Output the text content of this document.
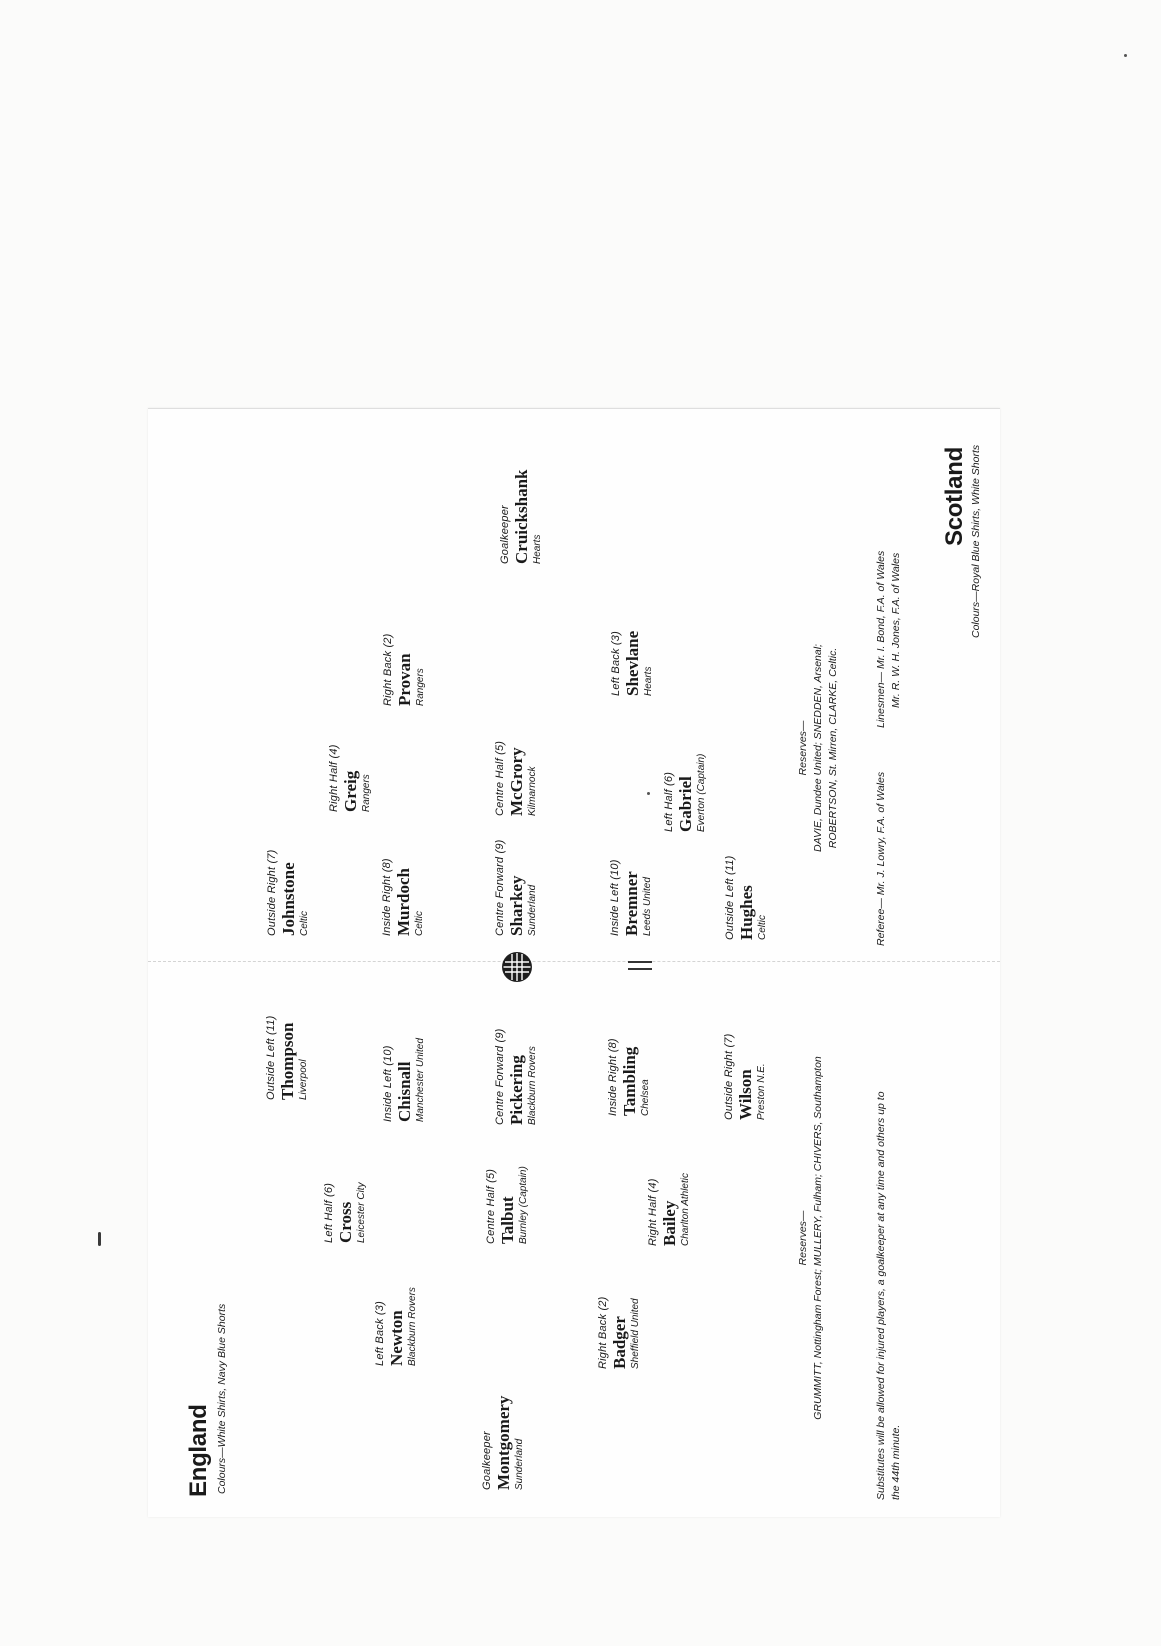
Scotland Colours—Royal Blue Shirts, White Shorts
Goalkeeper Cruickshank Hearts
Right Back (2) Provan Rangers	Left Back (3) Shevlane Hearts
Right Half (4) Greig Rangers	Centre Half (5) McGrory Kilmarnock	Left Half (6) Gabriel Everton (Captain)
Outside Right (7) Johnstone Celtic	Inside Right (8) Murdoch Celtic	Centre Forward (9) Sharkey Sunderland	Inside Left (10) Bremner Leeds United	Outside Left (11) Hughes Celtic
Reserves— DAVIE, Dundee United; SNEDDEN, Arsenal; ROBERTSON, St. Mirren, CLARKE, Celtic.
Referee— Mr. J. Lowry, F.A. of Wales
Linesmen— Mr. I. Bond, F.A. of Wales Mr. R. W. H. Jones, F.A. of Wales
England Colours—White Shirts, Navy Blue Shorts	Goalkeeper Montgomery Sunderland
Left Back (3) Newton Blackburn Rovers	Right Back (2) Badger Sheffield United
Left Half (6) Cross Leicester City	Centre Half (5) Talbut Burnley (Captain)	Right Half (4) Bailey Charlton Athletic
Outside Left (11) Thompson Liverpool	Inside Left (10) Chisnall Manchester United	Centre Forward (9) Pickering Blackburn Rovers	Inside Right (8) Tambling Chelsea	Outside Right (7) Wilson Preston N.E.
Reserves— GRUMMITT, Nottingham Forest; MULLERY, Fulham; CHIVERS, Southampton	Substitutes will be allowed for injured players, a goalkeeper at any time and others up to the 44th minute.
